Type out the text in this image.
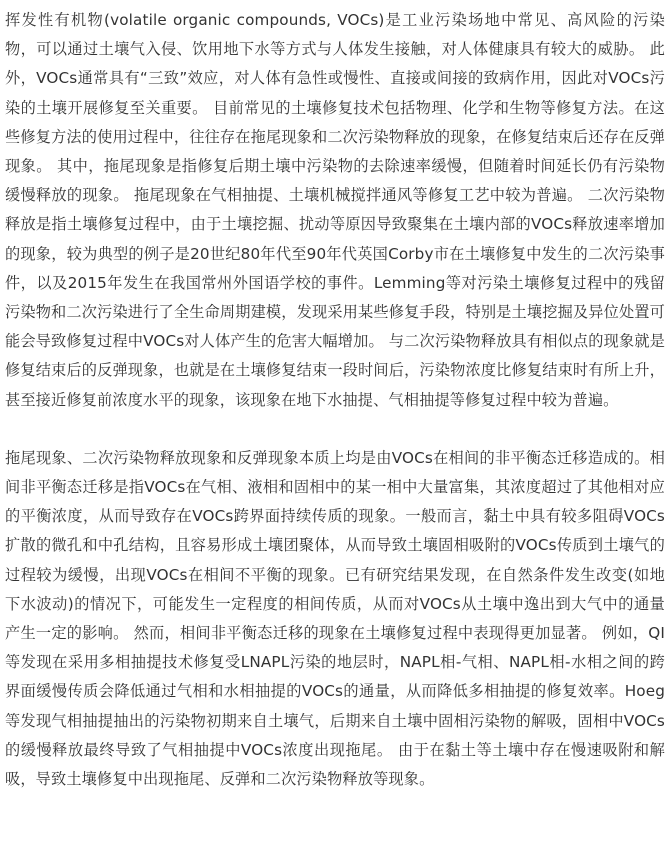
挥发性有机物(volatile organic compounds, VOCs)是工业污染场地中常见、高风险的污染物，可以通过土壤气入侵、饮用地下水等方式与人体发生接触，对人体健康具有较大的威胁。 此外，VOCs通常具有“三致”效应，对人体有急性或慢性、直接或间接的致病作用，因此对VOCs污染的土壤开展修复至关重要。 目前常见的土壤修复技术包括物理、化学和生物等修复方法。在这些修复方法的使用过程中，往往存在拖尾现象和二次污染物释放的现象，在修复结束后还存在反弹现象。 其中，拖尾现象是指修复后期土壤中污染物的去除速率缓慢，但随着时间延长仍有污染物缓慢释放的现象。 拖尾现象在气相抽提、土壤机械搅拌通风等修复工艺中较为普遍。 二次污染物释放是指土壤修复过程中，由于土壤挖掘、扰动等原因导致聚集在土壤内部的VOCs释放速率增加的现象，较为典型的例子是20世纪80年代至90年代英国Corby市在土壤修复中发生的二次污染事件，以及2015年发生在我国常州外国语学校的事件。Lemming等对污染土壤修复过程中的残留污染物和二次污染进行了全生命周期建模，发现采用某些修复手段，特别是土壤挖掘及异位处置可能会导致修复过程中VOCs对人体产生的危害大幅增加。 与二次污染物释放具有相似点的现象就是修复结束后的反弹现象，也就是在土壤修复结束一段时间后，污染物浓度比修复结束时有所上升，甚至接近修复前浓度水平的现象，该现象在地下水抽提、气相抽提等修复过程中较为普遍。

拖尾现象、二次污染物释放现象和反弹现象本质上均是由VOCs在相间的非平衡态迁移造成的。相间非平衡态迁移是指VOCs在气相、液相和固相中的某一相中大量富集，其浓度超过了其他相对应的平衡浓度，从而导致存在VOCs跨界面持续传质的现象。一般而言，黏土中具有较多阻碍VOCs扩散的微孔和中孔结构，且容易形成土壤团聚体，从而导致土壤固相吸附的VOCs传质到土壤气的过程较为缓慢，出现VOCs在相间不平衡的现象。已有研究结果发现，在自然条件发生改变(如地下水波动)的情况下，可能发生一定程度的相间传质，从而对VOCs从土壤中逸出到大气中的通量产生一定的影响。 然而，相间非平衡态迁移的现象在土壤修复过程中表现得更加显著。 例如，QI等发现在采用多相抽提技术修复受LNAPL污染的地层时，NAPL相-气相、NAPL相-水相之间的跨界面缓慢传质会降低通过气相和水相抽提的VOCs的通量，从而降低多相抽提的修复效率。Hoeg等发现气相抽提抽出的污染物初期来自土壤气，后期来自土壤中固相污染物的解吸，固相中VOCs的缓慢释放最终导致了气相抽提中VOCs浓度出现拖尾。 由于在黏土等土壤中存在慢速吸附和解吸，导致土壤修复中出现拖尾、反弹和二次污染物释放等现象。
